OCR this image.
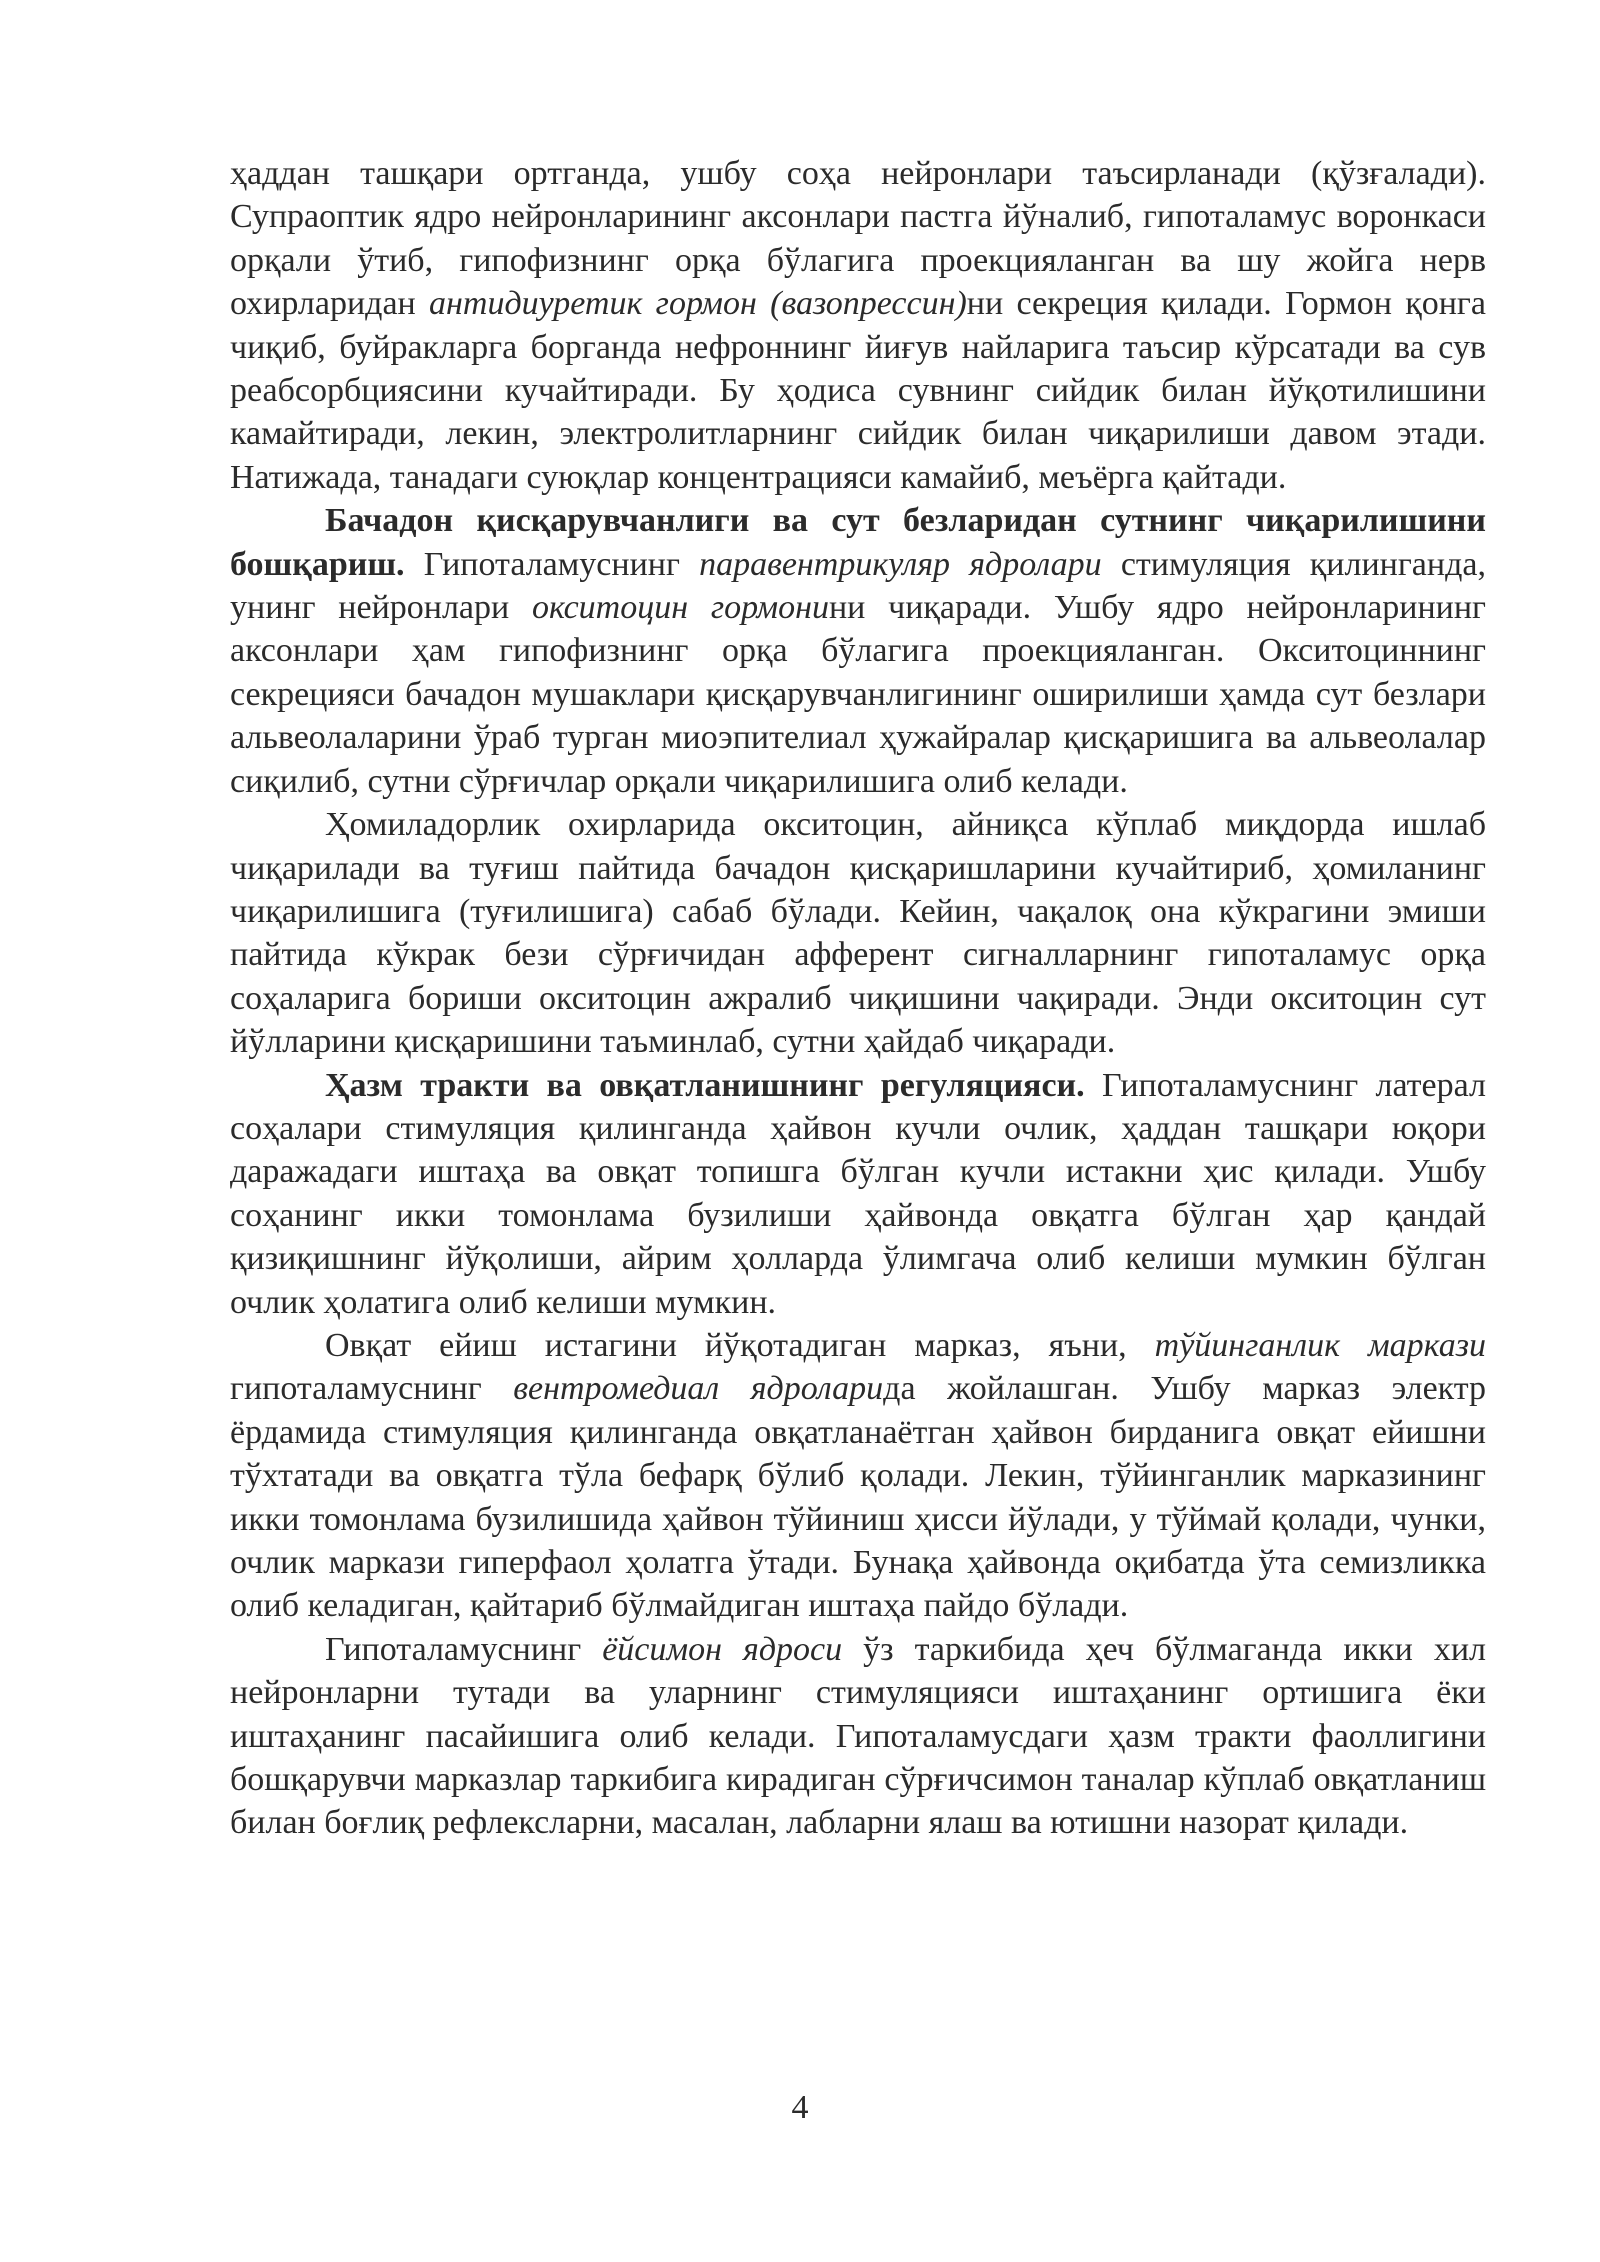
ҳаддан ташқари ортганда, ушбу соҳа нейронлари таъсирланади (қўзғалади). Супраоптик ядро нейронларининг аксонлари пастга йўналиб, гипоталамус воронкаси орқали ўтиб, гипофизнинг орқа бўлагига проекцияланган ва шу жойга нерв охирларидан антидиуретик гормон (вазопрессин)ни секреция қилади. Гормон қонга чиқиб, буйракларга борганда нефроннинг йиғув найларига таъсир кўрсатади ва сув реабсорбциясини кучайтиради. Бу ҳодиса сувнинг сийдик билан йўқотилишини камайтиради, лекин, электролитларнинг сийдик билан чиқарилиши давом этади. Натижада, танадаги суюқлар концентрацияси камайиб, меъёрга қайтади.

Бачадон қисқарувчанлиги ва сут безларидан сутнинг чиқарилишини бошқариш. Гипоталамуснинг паравентрикуляр ядролари стимуляция қилинганда, унинг нейронлари окситоцин гормонини чиқаради. Ушбу ядро нейронларининг аксонлари ҳам гипофизнинг орқа бўлагига проекцияланган. Окситоциннинг секрецияси бачадон мушаклари қисқарувчанлигининг оширилиши ҳамда сут безлари альвеолаларини ўраб турган миоэпителиал ҳужайралар қисқаришига ва альвеолалар сиқилиб, сутни сўрғичлар орқали чиқарилишига олиб келади.

Ҳомиладорлик охирларида окситоцин, айниқса кўплаб миқдорда ишлаб чиқарилади ва туғиш пайтида бачадон қисқаришларини кучайтириб, ҳомиланинг чиқарилишига (туғилишига) сабаб бўлади. Кейин, чақалоқ она кўкрагини эмиши пайтида кўкрак бези сўрғичидан афферент сигналларнинг гипоталамус орқа соҳаларига бориши окситоцин ажралиб чиқишини чақиради. Энди окситоцин сут йўлларини қисқаришини таъминлаб, сутни ҳайдаб чиқаради.

Ҳазм тракти ва овқатланишнинг регуляцияси. Гипоталамуснинг латерал соҳалари стимуляция қилинганда ҳайвон кучли очлик, ҳаддан ташқари юқори даражадаги иштаҳа ва овқат топишга бўлган кучли истакни ҳис қилади. Ушбу соҳанинг икки томонлама бузилиши ҳайвонда овқатга бўлган ҳар қандай қизиқишнинг йўқолиши, айрим ҳолларда ўлимгача олиб келиши мумкин бўлган очлик ҳолатига олиб келиши мумкин.

Овқат ейиш истагини йўқотадиган марказ, яъни, тўйинганлик маркази гипоталамуснинг вентромедиал ядроларида жойлашган. Ушбу марказ электр ёрдамида стимуляция қилинганда овқатланаётган ҳайвон бирданига овқат ейишни тўхтатади ва овқатга тўла бефарқ бўлиб қолади. Лекин, тўйинганлик марказининг икки томонлама бузилишида ҳайвон тўйиниш ҳисси йўлади, у тўймай қолади, чунки, очлик маркази гиперфаол ҳолатга ўтади. Бунақа ҳайвонда оқибатда ўта семизликка олиб келадиган, қайтариб бўлмайдиган иштаҳа пайдо бўлади.

Гипоталамуснинг ёйсимон ядроси ўз таркибида ҳеч бўлмаганда икки хил нейронларни тутади ва уларнинг стимуляцияси иштаҳанинг ортишига ёки иштаҳанинг пасайишига олиб келади. Гипоталамусдаги ҳазм тракти фаоллигини бошқарувчи марказлар таркибига кирадиган сўрғичсимон таналар кўплаб овқатланиш билан боғлиқ рефлексларни, масалан, лабларни ялаш ва ютишни назорат қилади.

4
